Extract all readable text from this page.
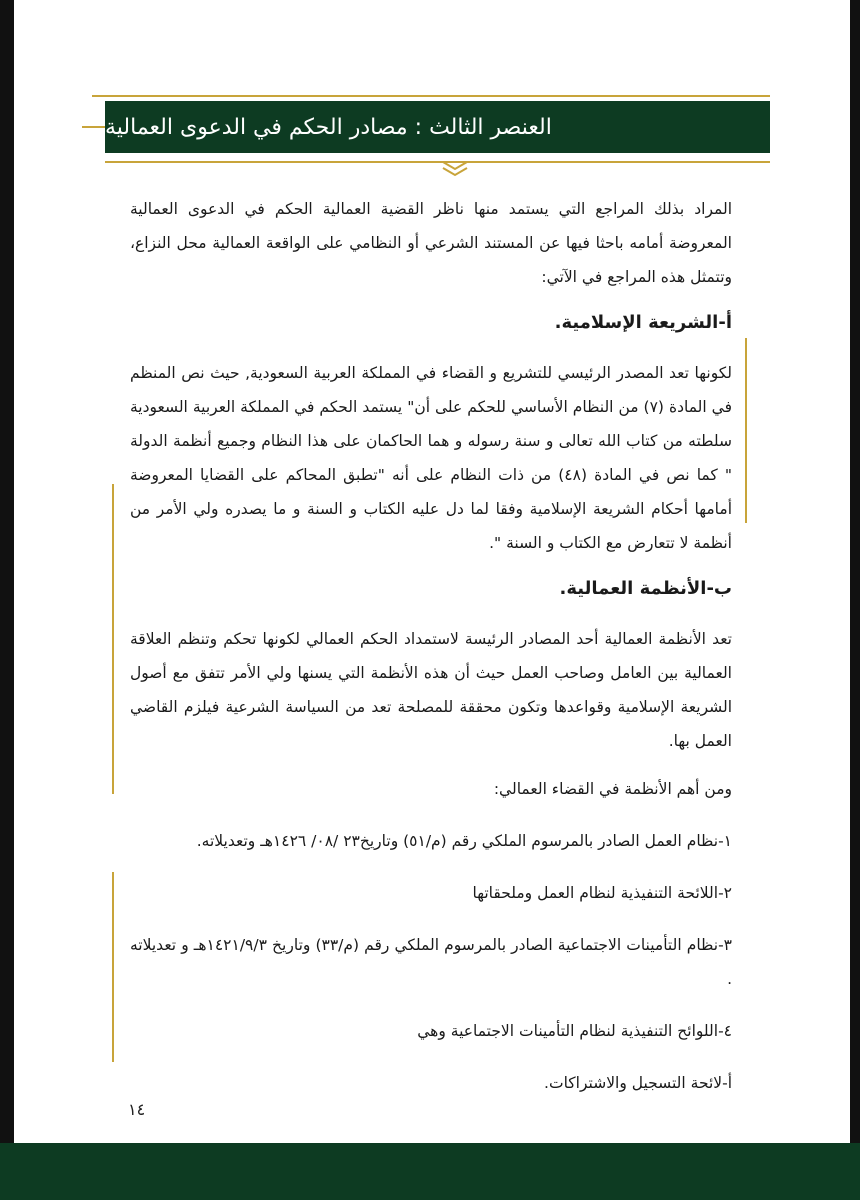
العنصر الثالث : مصادر الحكم في الدعوى العمالية

المراد بذلك المراجع التي يستمد منها ناظر القضية العمالية الحكم في الدعوى العمالية المعروضة أمامه باحثا فيها عن المستند الشرعي أو النظامي على الواقعة العمالية محل النزاع، وتتمثل هذه المراجع في الآتي:

أ-الشريعة الإسلامية.

لكونها تعد المصدر الرئيسي للتشريع و القضاء في المملكة العربية السعودية, حيث نص المنظم في المادة (٧) من النظام الأساسي للحكم على أن" يستمد الحكم في المملكة العربية السعودية سلطته من كتاب الله تعالى و سنة رسوله و هما الحاكمان على هذا النظام وجميع أنظمة الدولة " كما نص في المادة (٤٨) من ذات النظام على أنه "تطبق المحاكم على القضايا المعروضة أمامها أحكام الشريعة الإسلامية وفقا لما دل عليه الكتاب و السنة و ما يصدره ولي الأمر من أنظمة لا تتعارض مع الكتاب و السنة ".

ب-الأنظمة العمالية.

تعد الأنظمة العمالية أحد المصادر الرئيسة لاستمداد الحكم العمالي لكونها تحكم وتنظم العلاقة العمالية بين العامل وصاحب العمل حيث أن هذه الأنظمة التي يسنها ولي الأمر تتفق مع أصول الشريعة الإسلامية وقواعدها وتكون محققة للمصلحة تعد من السياسة الشرعية فيلزم القاضي العمل بها.

ومن أهم الأنظمة في القضاء العمالي:

١-نظام العمل الصادر بالمرسوم الملكي رقم (م/٥١) وتاريخ٢٣ /٠٨/ ١٤٢٦هـ وتعديلاته.

٢-اللائحة التنفيذية لنظام العمل وملحقاتها

٣-نظام التأمينات الاجتماعية الصادر بالمرسوم الملكي رقم (م/٣٣) وتاريخ ١٤٢١/٩/٣هـ و تعديلاته .

٤-اللوائح التنفيذية لنظام التأمينات الاجتماعية وهي

أ-لائحة التسجيل والاشتراكات.

١٤
